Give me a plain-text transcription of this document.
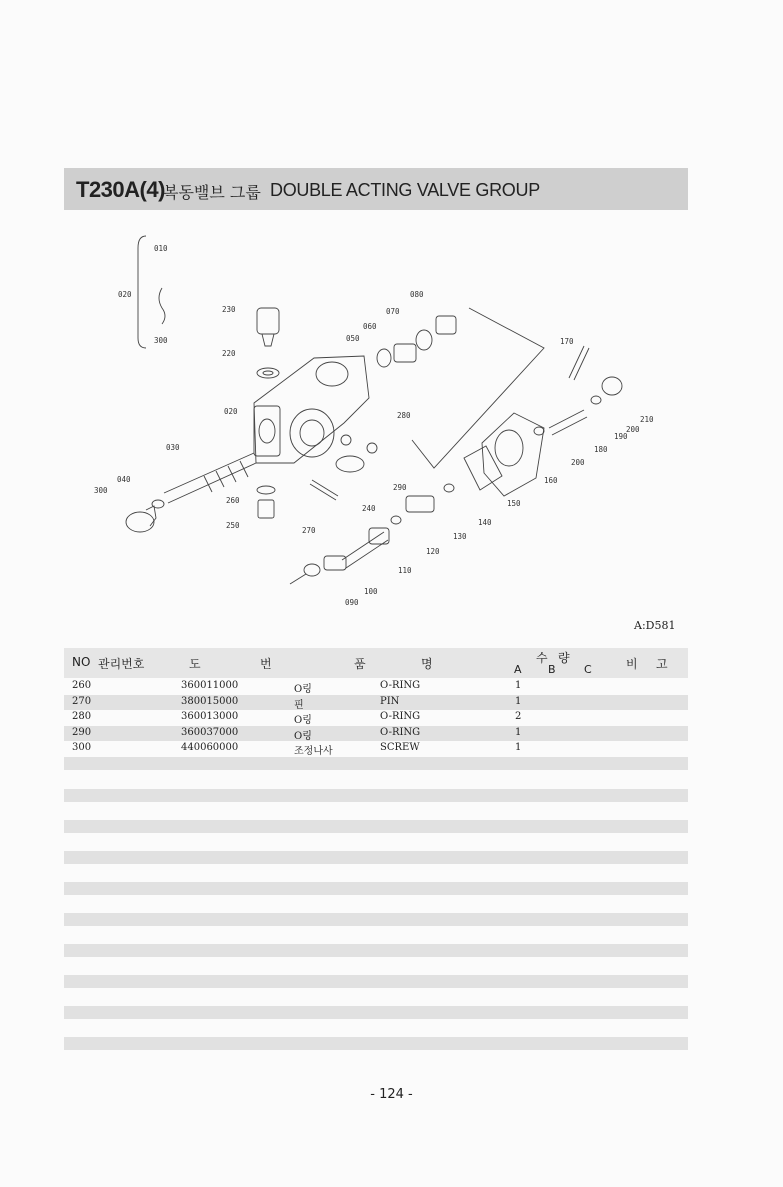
T230A(4)
복동밸브 그룹 DOUBLE ACTING VALVE GROUP
010
020
300
230
220
080
070
060
050	170
280
020
030
040
300
260
250
270
240
290
210
200
190
180
200
160
150
140
130
120
110
100
090
A:D581
NO 관리번호	도	번	품	명	수 량
A B	C	비 고
260	360011000	O링	O-RING	1
270	380015000	핀	PIN	1
280	360013000	O링	O-RING	2
290	360037000	O링	O-RING	1
300	440060000	조정나사	SCREW	1
- 124 -
